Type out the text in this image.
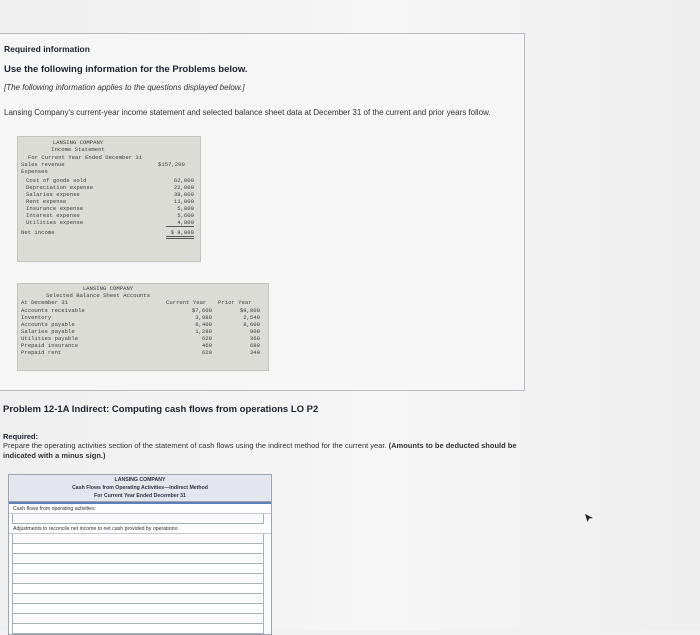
Required information
Use the following information for the Problems below.
[The following information applies to the questions displayed below.]
Lansing Company's current-year income statement and selected balance sheet data at December 31 of the current and prior years follow.
LANSING COMPANY
Income Statement
For Current Year Ended December 31
Sales revenue	$157,200
Expenses
Cost of goods sold	62,000
Depreciation expense	22,000
Salaries expense	38,000
Rent expense	11,000
Insurance expense	5,800
Interest expense	5,600
Utilities expense	4,800
Net income	$ 8,000
LANSING COMPANY
Selected Balance Sheet Accounts
At December 31	Current Year Prior Year
Accounts receivable	$7,600	$9,800
Inventory	3,980	2,540
Accounts payable	6,400	8,600
Salaries payable	1,280	900
Utilities payable	620	360
Prepaid insurance	460	680
Prepaid rent	620	340
Problem 12-1A Indirect: Computing cash flows from operations LO P2
Required:
Prepare the operating activities section of the statement of cash flows using the indirect method for the current year. (Amounts to be deducted should be indicated with a minus sign.)
LANSING COMPANY
Cash Flows from Operating Activities—Indirect Method
For Current Year Ended December 31
Cash flows from operating activities:
Adjustments to reconcile net income to net cash provided by operations:
